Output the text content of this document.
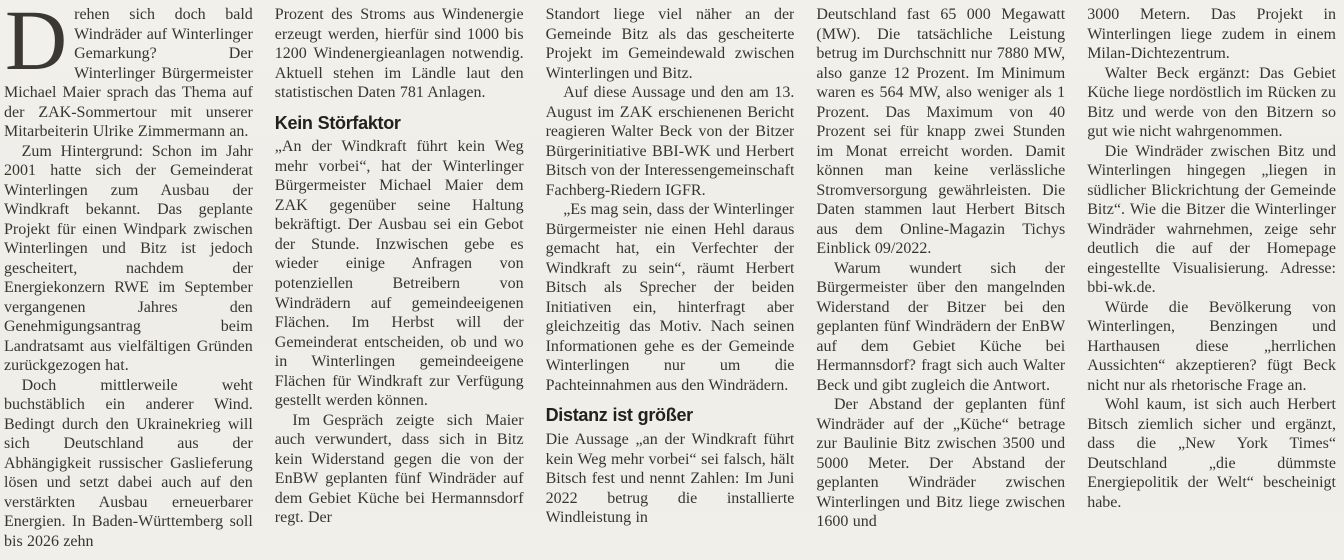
D rehen sich doch bald Windräder auf Winterlinger Gemarkung? Der Winterlinger Bürgermeister Michael Maier sprach das Thema auf der ZAK-Sommertour mit unserer Mitarbeiterin Ulrike Zimmermann an.

Zum Hintergrund: Schon im Jahr 2001 hatte sich der Gemeinderat Winterlingen zum Ausbau der Windkraft bekannt. Das geplante Projekt für einen Windpark zwischen Winterlingen und Bitz ist jedoch gescheitert, nachdem der Energiekonzern RWE im September vergangenen Jahres den Genehmigungsantrag beim Landratsamt aus vielfältigen Gründen zurückgezogen hat.

Doch mittlerweile weht buchstäblich ein anderer Wind. Bedingt durch den Ukrainekrieg will sich Deutschland aus der Abhängigkeit russischer Gaslieferung lösen und setzt dabei auch auf den verstärkten Ausbau erneuerbarer Energien. In Baden-Württemberg soll bis 2026 zehn

Prozent des Stroms aus Windenergie erzeugt werden, hierfür sind 1000 bis 1200 Windenergieanlagen notwendig. Aktuell stehen im Ländle laut den statistischen Daten 781 Anlagen.

Kein Störfaktor

„An der Windkraft führt kein Weg mehr vorbei“, hat der Winterlinger Bürgermeister Michael Maier dem ZAK gegenüber seine Haltung bekräftigt. Der Ausbau sei ein Gebot der Stunde. Inzwischen gebe es wieder einige Anfragen von potenziellen Betreibern von Windrädern auf gemeindeeigenen Flächen. Im Herbst will der Gemeinderat entscheiden, ob und wo in Winterlingen gemeindeeigene Flächen für Windkraft zur Verfügung gestellt werden können.

Im Gespräch zeigte sich Maier auch verwundert, dass sich in Bitz kein Widerstand gegen die von der EnBW geplanten fünf Windräder auf dem Gebiet Küche bei Hermannsdorf regt. Der

Standort liege viel näher an der Gemeinde Bitz als das gescheiterte Projekt im Gemeindewald zwischen Winterlingen und Bitz.

Auf diese Aussage und den am 13. August im ZAK erschienenen Bericht reagieren Walter Beck von der Bitzer Bürgerinitiative BBI-WK und Herbert Bitsch von der Interessengemeinschaft Fachberg-Riedern IGFR.

„Es mag sein, dass der Winterlinger Bürgermeister nie einen Hehl daraus gemacht hat, ein Verfechter der Windkraft zu sein“, räumt Herbert Bitsch als Sprecher der beiden Initiativen ein, hinterfragt aber gleichzeitig das Motiv. Nach seinen Informationen gehe es der Gemeinde Winterlingen nur um die Pachteinnahmen aus den Windrädern.

Distanz ist größer

Die Aussage „an der Windkraft führt kein Weg mehr vorbei“ sei falsch, hält Bitsch fest und nennt Zahlen: Im Juni 2022 betrug die installierte Windleistung in

Deutschland fast 65 000 Megawatt (MW). Die tatsächliche Leistung betrug im Durchschnitt nur 7880 MW, also ganze 12 Prozent. Im Minimum waren es 564 MW, also weniger als 1 Prozent. Das Maximum von 40 Prozent sei für knapp zwei Stunden im Monat erreicht worden. Damit können man keine verlässliche Stromversorgung gewährleisten. Die Daten stammen laut Herbert Bitsch aus dem Online-Magazin Tichys Einblick 09/2022.

Warum wundert sich der Bürgermeister über den mangelnden Widerstand der Bitzer bei den geplanten fünf Windrädern der EnBW auf dem Gebiet Küche bei Hermannsdorf? fragt sich auch Walter Beck und gibt zugleich die Antwort.

Der Abstand der geplanten fünf Windräder auf der „Küche“ betrage zur Baulinie Bitz zwischen 3500 und 5000 Meter. Der Abstand der geplanten Windräder zwischen Winterlingen und Bitz liege zwischen 1600 und

3000 Metern. Das Projekt in Winterlingen liege zudem in einem Milan-Dichtezentrum.

Walter Beck ergänzt: Das Gebiet Küche liege nordöstlich im Rücken zu Bitz und werde von den Bitzern so gut wie nicht wahrgenommen.

Die Windräder zwischen Bitz und Winterlingen hingegen „liegen in südlicher Blickrichtung der Gemeinde Bitz“. Wie die Bitzer die Winterlinger Windräder wahrnehmen, zeige sehr deutlich die auf der Homepage eingestellte Visualisierung. Adresse: bbi-wk.de.

Würde die Bevölkerung von Winterlingen, Benzingen und Harthausen diese „herrlichen Aussichten“ akzeptieren? fügt Beck nicht nur als rhetorische Frage an.

Wohl kaum, ist sich auch Herbert Bitsch ziemlich sicher und ergänzt, dass die „New York Times“ Deutschland „die dümmste Energiepolitik der Welt“ bescheinigt habe.
